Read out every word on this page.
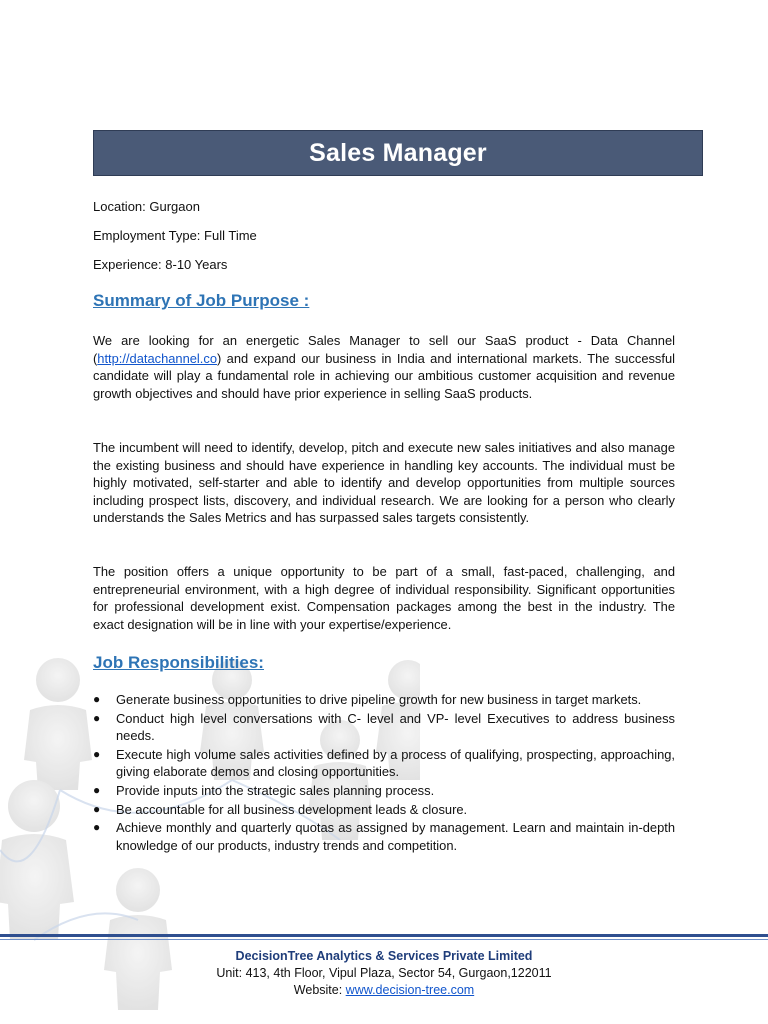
Sales Manager
Location: Gurgaon
Employment Type: Full Time
Experience: 8-10 Years
Summary of Job Purpose :

We are looking for an energetic Sales Manager to sell our SaaS product - Data Channel (http://datachannel.co) and expand our business in India and international markets. The successful candidate will play a fundamental role in achieving our ambitious customer acquisition and revenue growth objectives and should have prior experience in selling SaaS products.

The incumbent will need to identify, develop, pitch and execute new sales initiatives and also manage the existing business and should have experience in handling key accounts. The individual must be highly motivated, self-starter and able to identify and develop opportunities from multiple sources including prospect lists, discovery, and individual research. We are looking for a person who clearly understands the Sales Metrics and has surpassed sales targets consistently.

The position offers a unique opportunity to be part of a small, fast-paced, challenging, and entrepreneurial environment, with a high degree of individual responsibility. Significant opportunities for professional development exist. Compensation packages among the best in the industry. The exact designation will be in line with your expertise/experience.

Job Responsibilities:
● Generate business opportunities to drive pipeline growth for new business in target markets.
● Conduct high level conversations with C- level and VP- level Executives to address business needs.
● Execute high volume sales activities defined by a process of qualifying, prospecting, approaching, giving elaborate demos and closing opportunities.
● Provide inputs into the strategic sales planning process.
● Be accountable for all business development leads & closure.
● Achieve monthly and quarterly quotas as assigned by management. Learn and maintain in-depth knowledge of our products, industry trends and competition.
DecisionTree Analytics & Services Private Limited
Unit: 413, 4th Floor, Vipul Plaza, Sector 54, Gurgaon,122011
Website: www.decision-tree.com
